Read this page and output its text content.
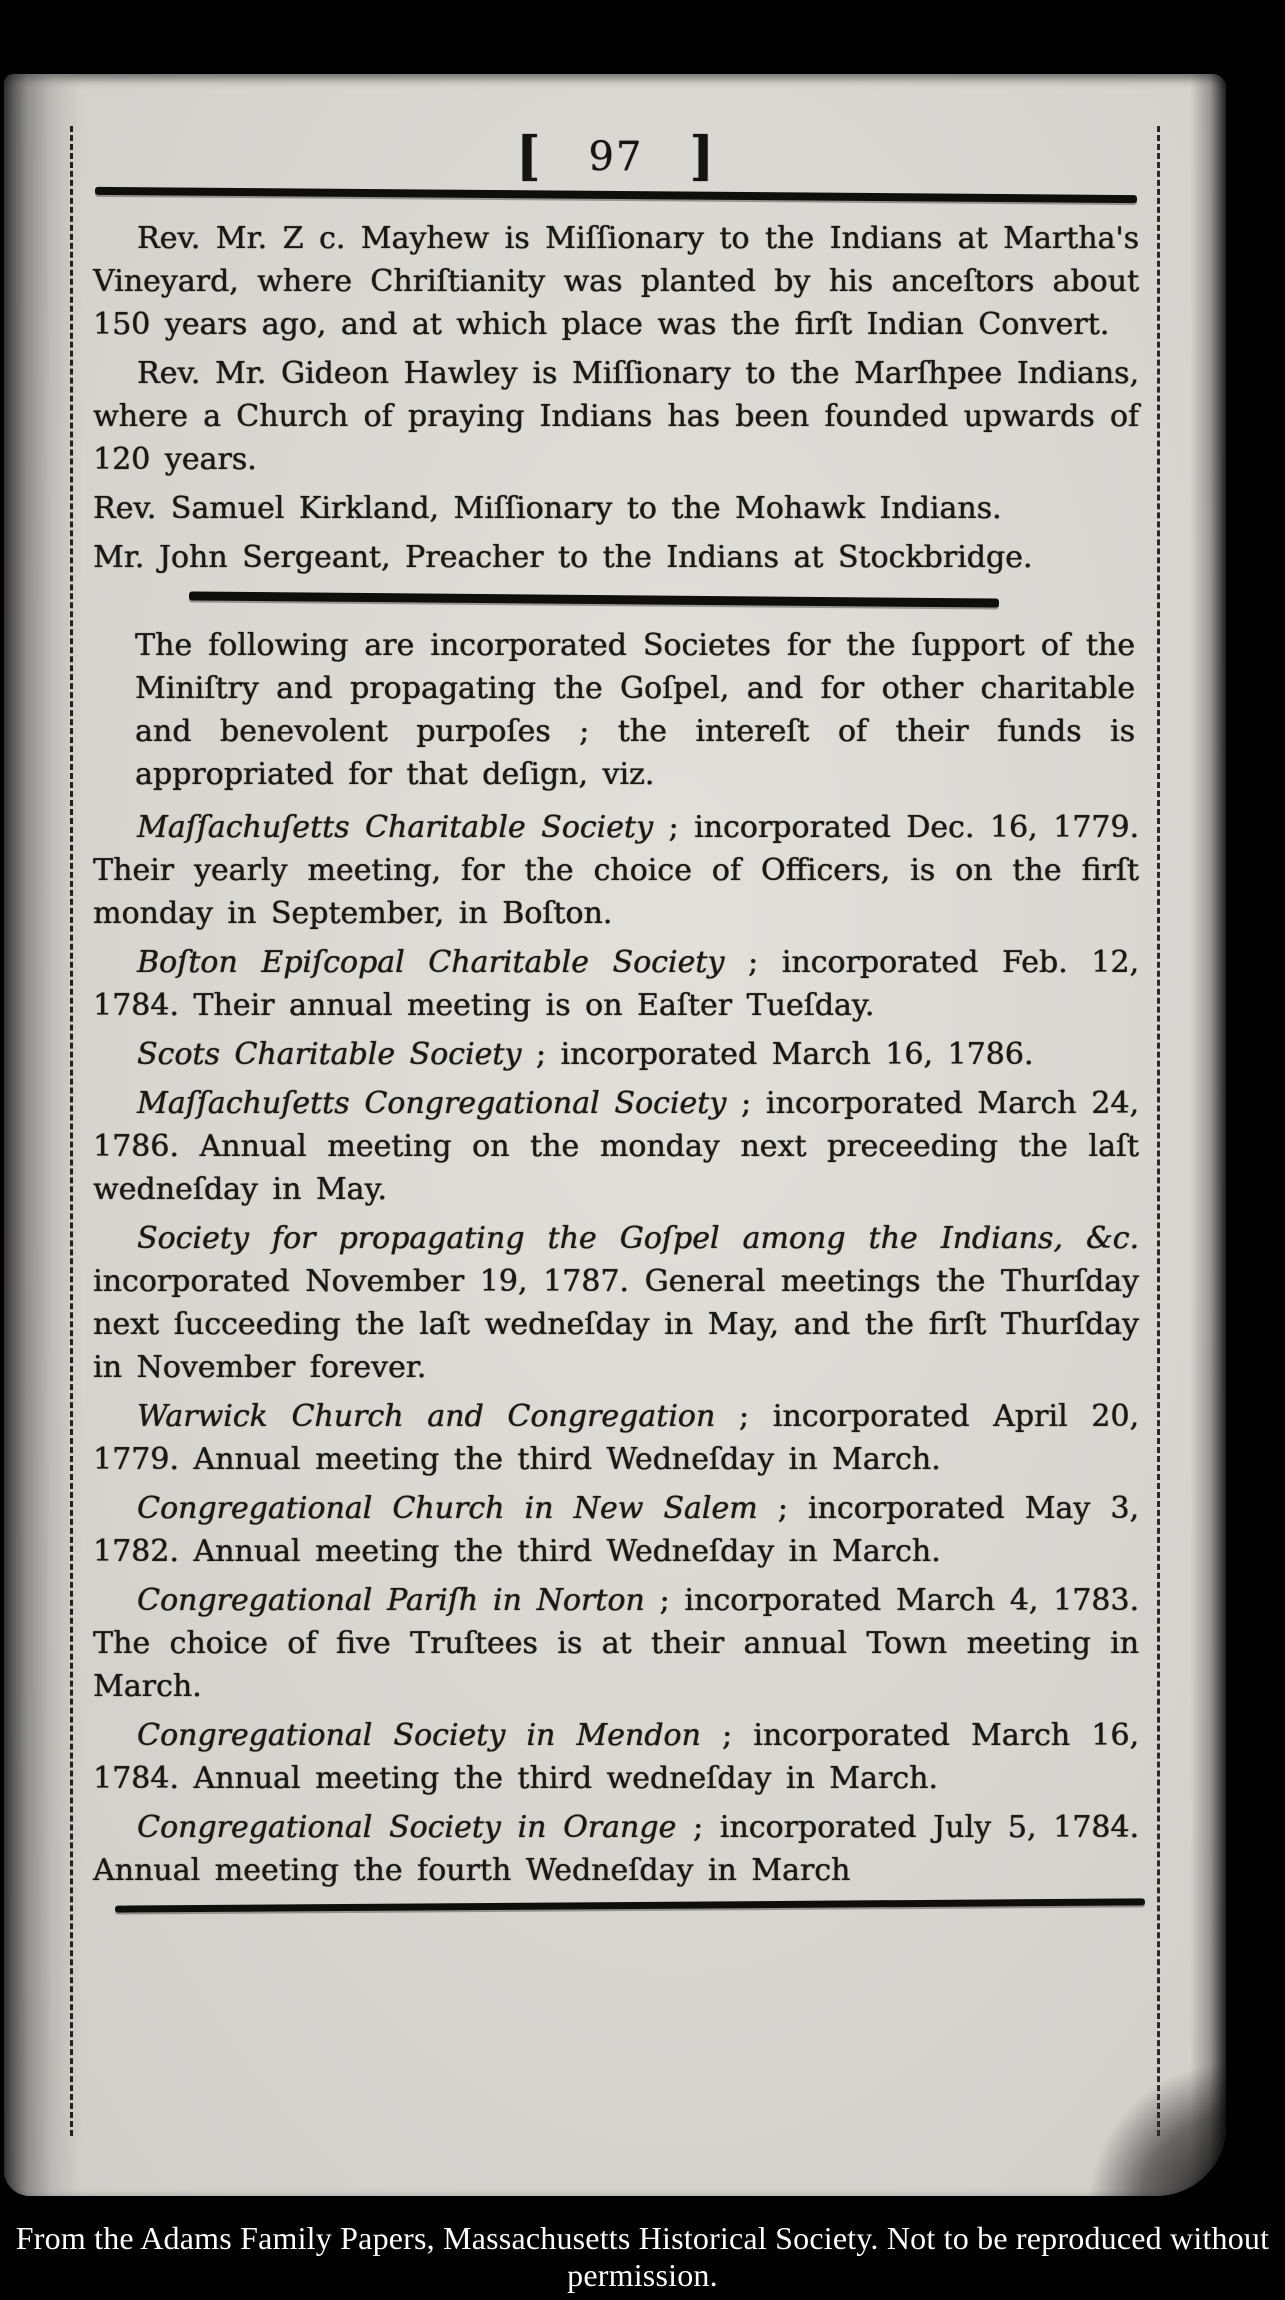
[ 97 ]

Rev. Mr. Z c. Mayhew is Miſſionary to the Indians at Martha's Vineyard, where Chriſtianity was planted by his anceſtors about 150 years ago, and at which place was the firſt Indian Convert.

Rev. Mr. Gideon Hawley is Miſſionary to the Marſhpee Indians, where a Church of praying Indians has been founded upwards of 120 years.

Rev. Samuel Kirkland, Miſſionary to the Mohawk Indians.

Mr. John Sergeant, Preacher to the Indians at Stockbridge.

The following are incorporated Societes for the ſupport of the Miniſtry and propagating the Goſpel, and for other charitable and benevolent purpoſes ; the intereſt of their funds is appropriated for that deſign, viz.

Maſſachuſetts Charitable Society ; incorporated Dec. 16, 1779. Their yearly meeting, for the choice of Officers, is on the firſt monday in September, in Boſton.

Boſton Epiſcopal Charitable Society ; incorporated Feb. 12, 1784. Their annual meeting is on Eaſter Tueſday.

Scots Charitable Society ; incorporated March 16, 1786.

Maſſachuſetts Congregational Society ; incorporated March 24, 1786. Annual meeting on the monday next preceeding the laſt wedneſday in May.

Society for propagating the Goſpel among the Indians, &c. incorporated November 19, 1787. General meetings the Thurſday next ſucceeding the laſt wedneſday in May, and the firſt Thurſday in November forever.

Warwick Church and Congregation ; incorporated April 20, 1779. Annual meeting the third Wedneſday in March.

Congregational Church in New Salem ; incorporated May 3, 1782. Annual meeting the third Wedneſday in March.

Congregational Pariſh in Norton ; incorporated March 4, 1783. The choice of five Truſtees is at their annual Town meeting in March.

Congregational Society in Mendon ; incorporated March 16, 1784. Annual meeting the third wedneſday in March.

Congregational Society in Orange ; incorporated July 5, 1784. Annual meeting the fourth Wedneſday in March

From the Adams Family Papers, Massachusetts Historical Society. Not to be reproduced without permission.
